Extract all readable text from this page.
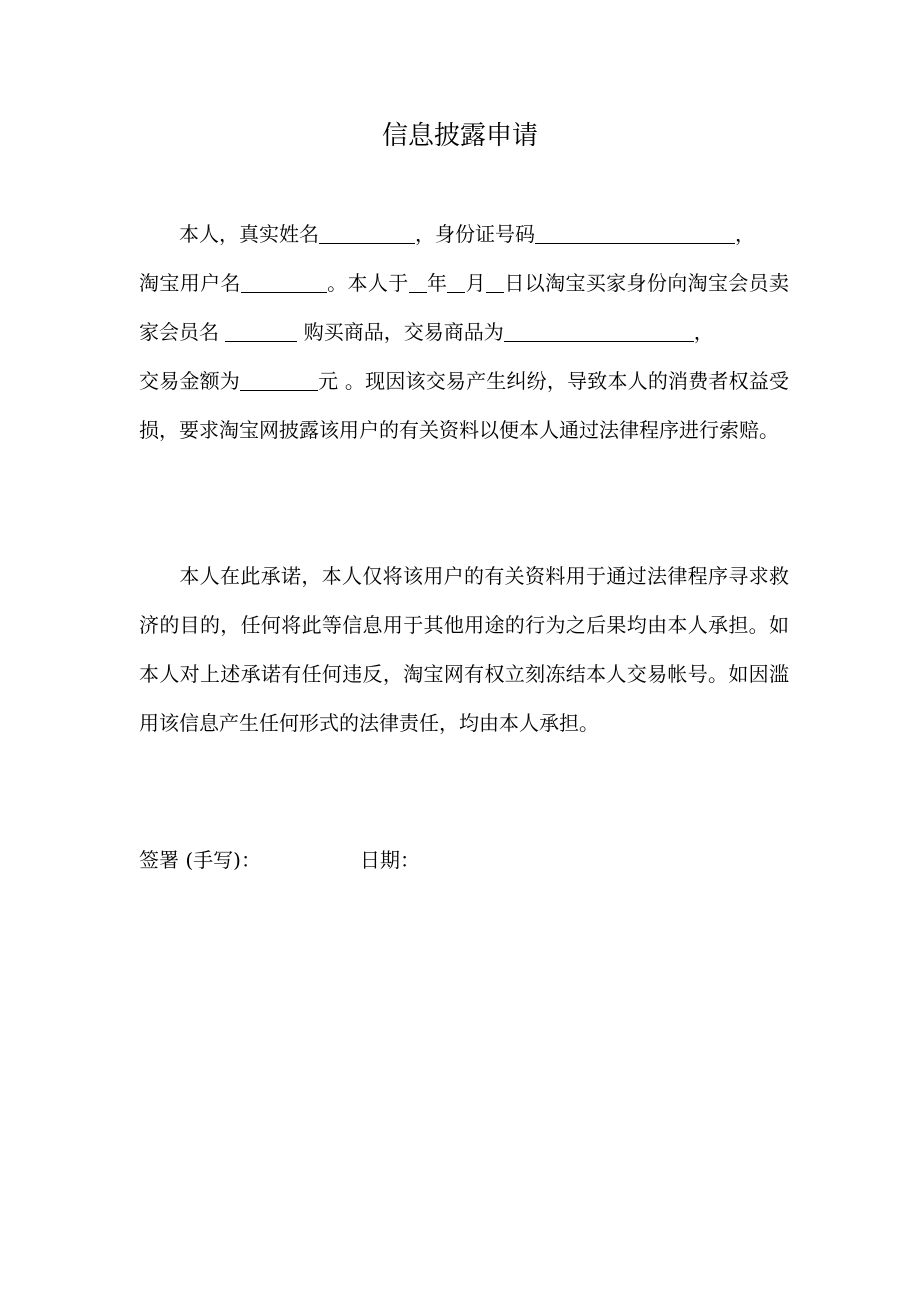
信息披露申请

本人，真实姓名	，身份证号码	，
淘宝用户名	。本人于 年 月 日以淘宝买家身份向淘宝会员卖家会员名	购买商品，交易商品为	，
交易金额为	元 。现因该交易产生纠纷，导致本人的消费者权益受损，要求淘宝网披露该用户的有关资料以便本人通过法律程序进行索赔。

本人在此承诺，本人仅将该用户的有关资料用于通过法律程序寻求救济的目的，任何将此等信息用于其他用途的行为之后果均由本人承担。如本人对上述承诺有任何违反，淘宝网有权立刻冻结本人交易帐号。如因滥用该信息产生任何形式的法律责任，均由本人承担。

签署 (手写)：	日期：
